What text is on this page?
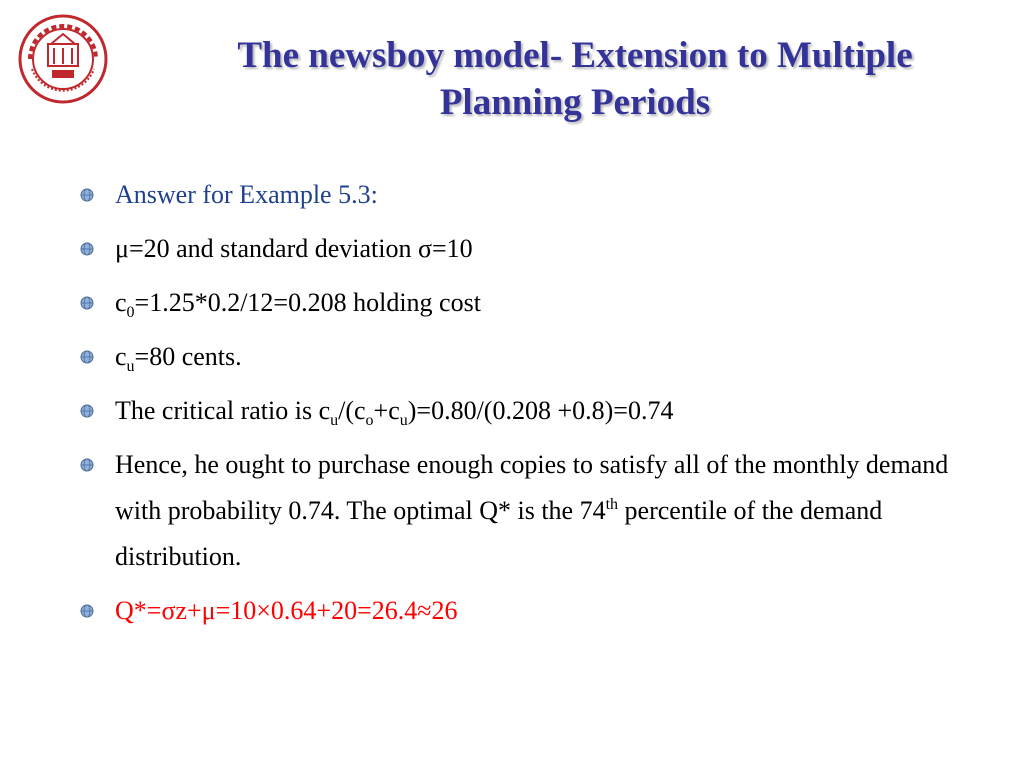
The newsboy model- Extension to Multiple
Planning Periods
Answer for Example 5.3:
μ=20 and standard deviation σ=10
$c_0=1.25*0.2/12=0.208$ holding cost
$c_u=80$ cents.
The critical ratio is $c_u/(c_o+c_u)=0.80/(0.208 +0.8)=0.74$
Hence, he ought to purchase enough copies to satisfy all of the monthly demand with probability 0.74. The optimal Q* is the 74th percentile of the demand distribution.
Q*=σz+μ=10×0.64+20=26.4≈26
